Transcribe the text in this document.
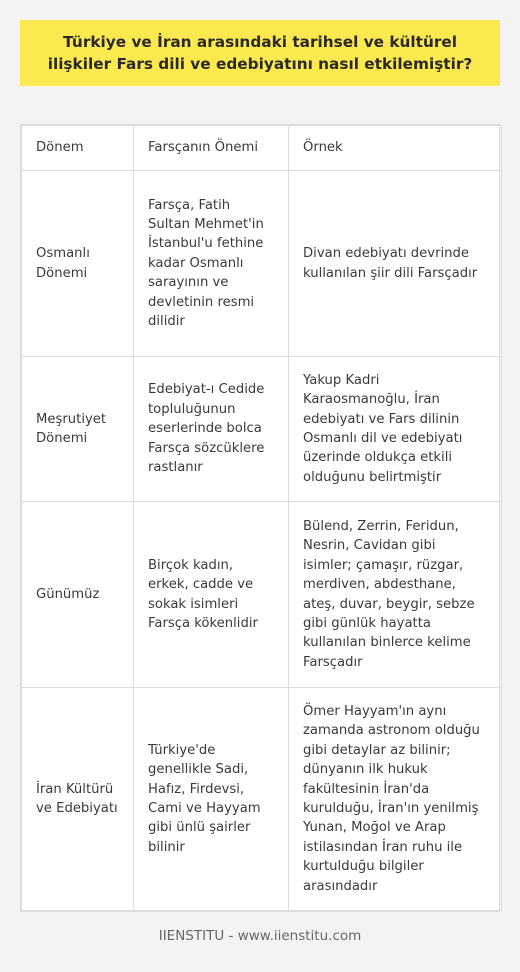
Türkiye ve İran arasındaki tarihsel ve kültürel ilişkiler Fars dili ve edebiyatını nasıl etkilemiştir?
Dönem	Farsçanın Önemi	Örnek
Osmanlı Dönemi	Farsça, Fatih Sultan Mehmet'in İstanbul'u fethine kadar Osmanlı sarayının ve devletinin resmi dilidir	Divan edebiyatı devrinde kullanılan şiir dili Farsçadır
Meşrutiyet Dönemi	Edebiyat-ı Cedide topluluğunun eserlerinde bolca Farsça sözcüklere rastlanır	Yakup Kadri Karaosmanoğlu, İran edebiyatı ve Fars dilinin Osmanlı dil ve edebiyatı üzerinde oldukça etkili olduğunu belirtmiştir
Günümüz	Birçok kadın, erkek, cadde ve sokak isimleri Farsça kökenlidir	Bülend, Zerrin, Feridun, Nesrin, Cavidan gibi isimler; çamaşır, rüzgar, merdiven, abdesthane, ateş, duvar, beygir, sebze gibi günlük hayatta kullanılan binlerce kelime Farsçadır
İran Kültürü ve Edebiyatı	Türkiye'de genellikle Sadi, Hafız, Firdevsi, Cami ve Hayyam gibi ünlü şairler bilinir	Ömer Hayyam'ın aynı zamanda astronom olduğu gibi detaylar az bilinir; dünyanın ilk hukuk fakültesinin İran'da kurulduğu, İran'ın yenilmiş Yunan, Moğol ve Arap istilasından İran ruhu ile kurtulduğu bilgiler arasındadır
IIENSTITU - www.iienstitu.com
